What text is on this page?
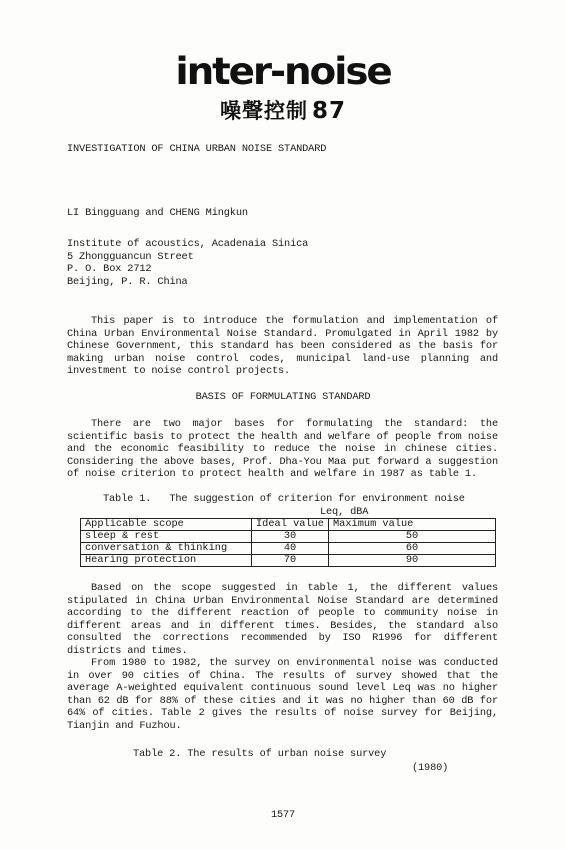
inter-noise
噪聲控制 87
INVESTIGATION OF CHINA URBAN NOISE STANDARD
LI Bingguang and CHENG Mingkun
Institute of acoustics, Acadenaia Sinica
5 Zhongguancun Street
P. O. Box 2712
Beijing, P. R. China

This paper is to introduce the formulation and implementation of China Urban Environmental Noise Standard. Promulgated in April 1982 by Chinese Government, this standard has been considered as the basis for making urban noise control codes, municipal land-use planning and investment to noise control projects.

BASIS OF FORMULATING STANDARD

There are two major bases for formulating the standard: the scientific basis to protect the health and welfare of people from noise and the economic feasibility to reduce the noise in chinese cities. Considering the above bases, Prof. Dha-You Maa put forward a suggestion of noise criterion to protect health and welfare in 1987 as table 1.

Table 1.   The suggestion of criterion for environment noise
Leq, dBA
Applicable scope	Ideal value	Maximum value
sleep & rest	30	50
conversation & thinking	40	60
Hearing protection	70	90

Based on the scope suggested in table 1, the different values stipulated in China Urban Environmental Noise Standard are determined according to the different reaction of people to community noise in different areas and in different times. Besides, the standard also consulted the corrections recommended by ISO R1996 for different districts and times.

From 1980 to 1982, the survey on environmental noise was conducted in over 90 cities of China. The results of survey showed that the average A-weighted equivalent continuous sound level Leq was no higher than 62 dB for 88% of these cities and it was no higher than 60 dB for 64% of cities. Table 2 gives the results of noise survey for Beijing, Tianjin and Fuzhou.

Table 2. The results of urban noise survey
(1980)
1577
